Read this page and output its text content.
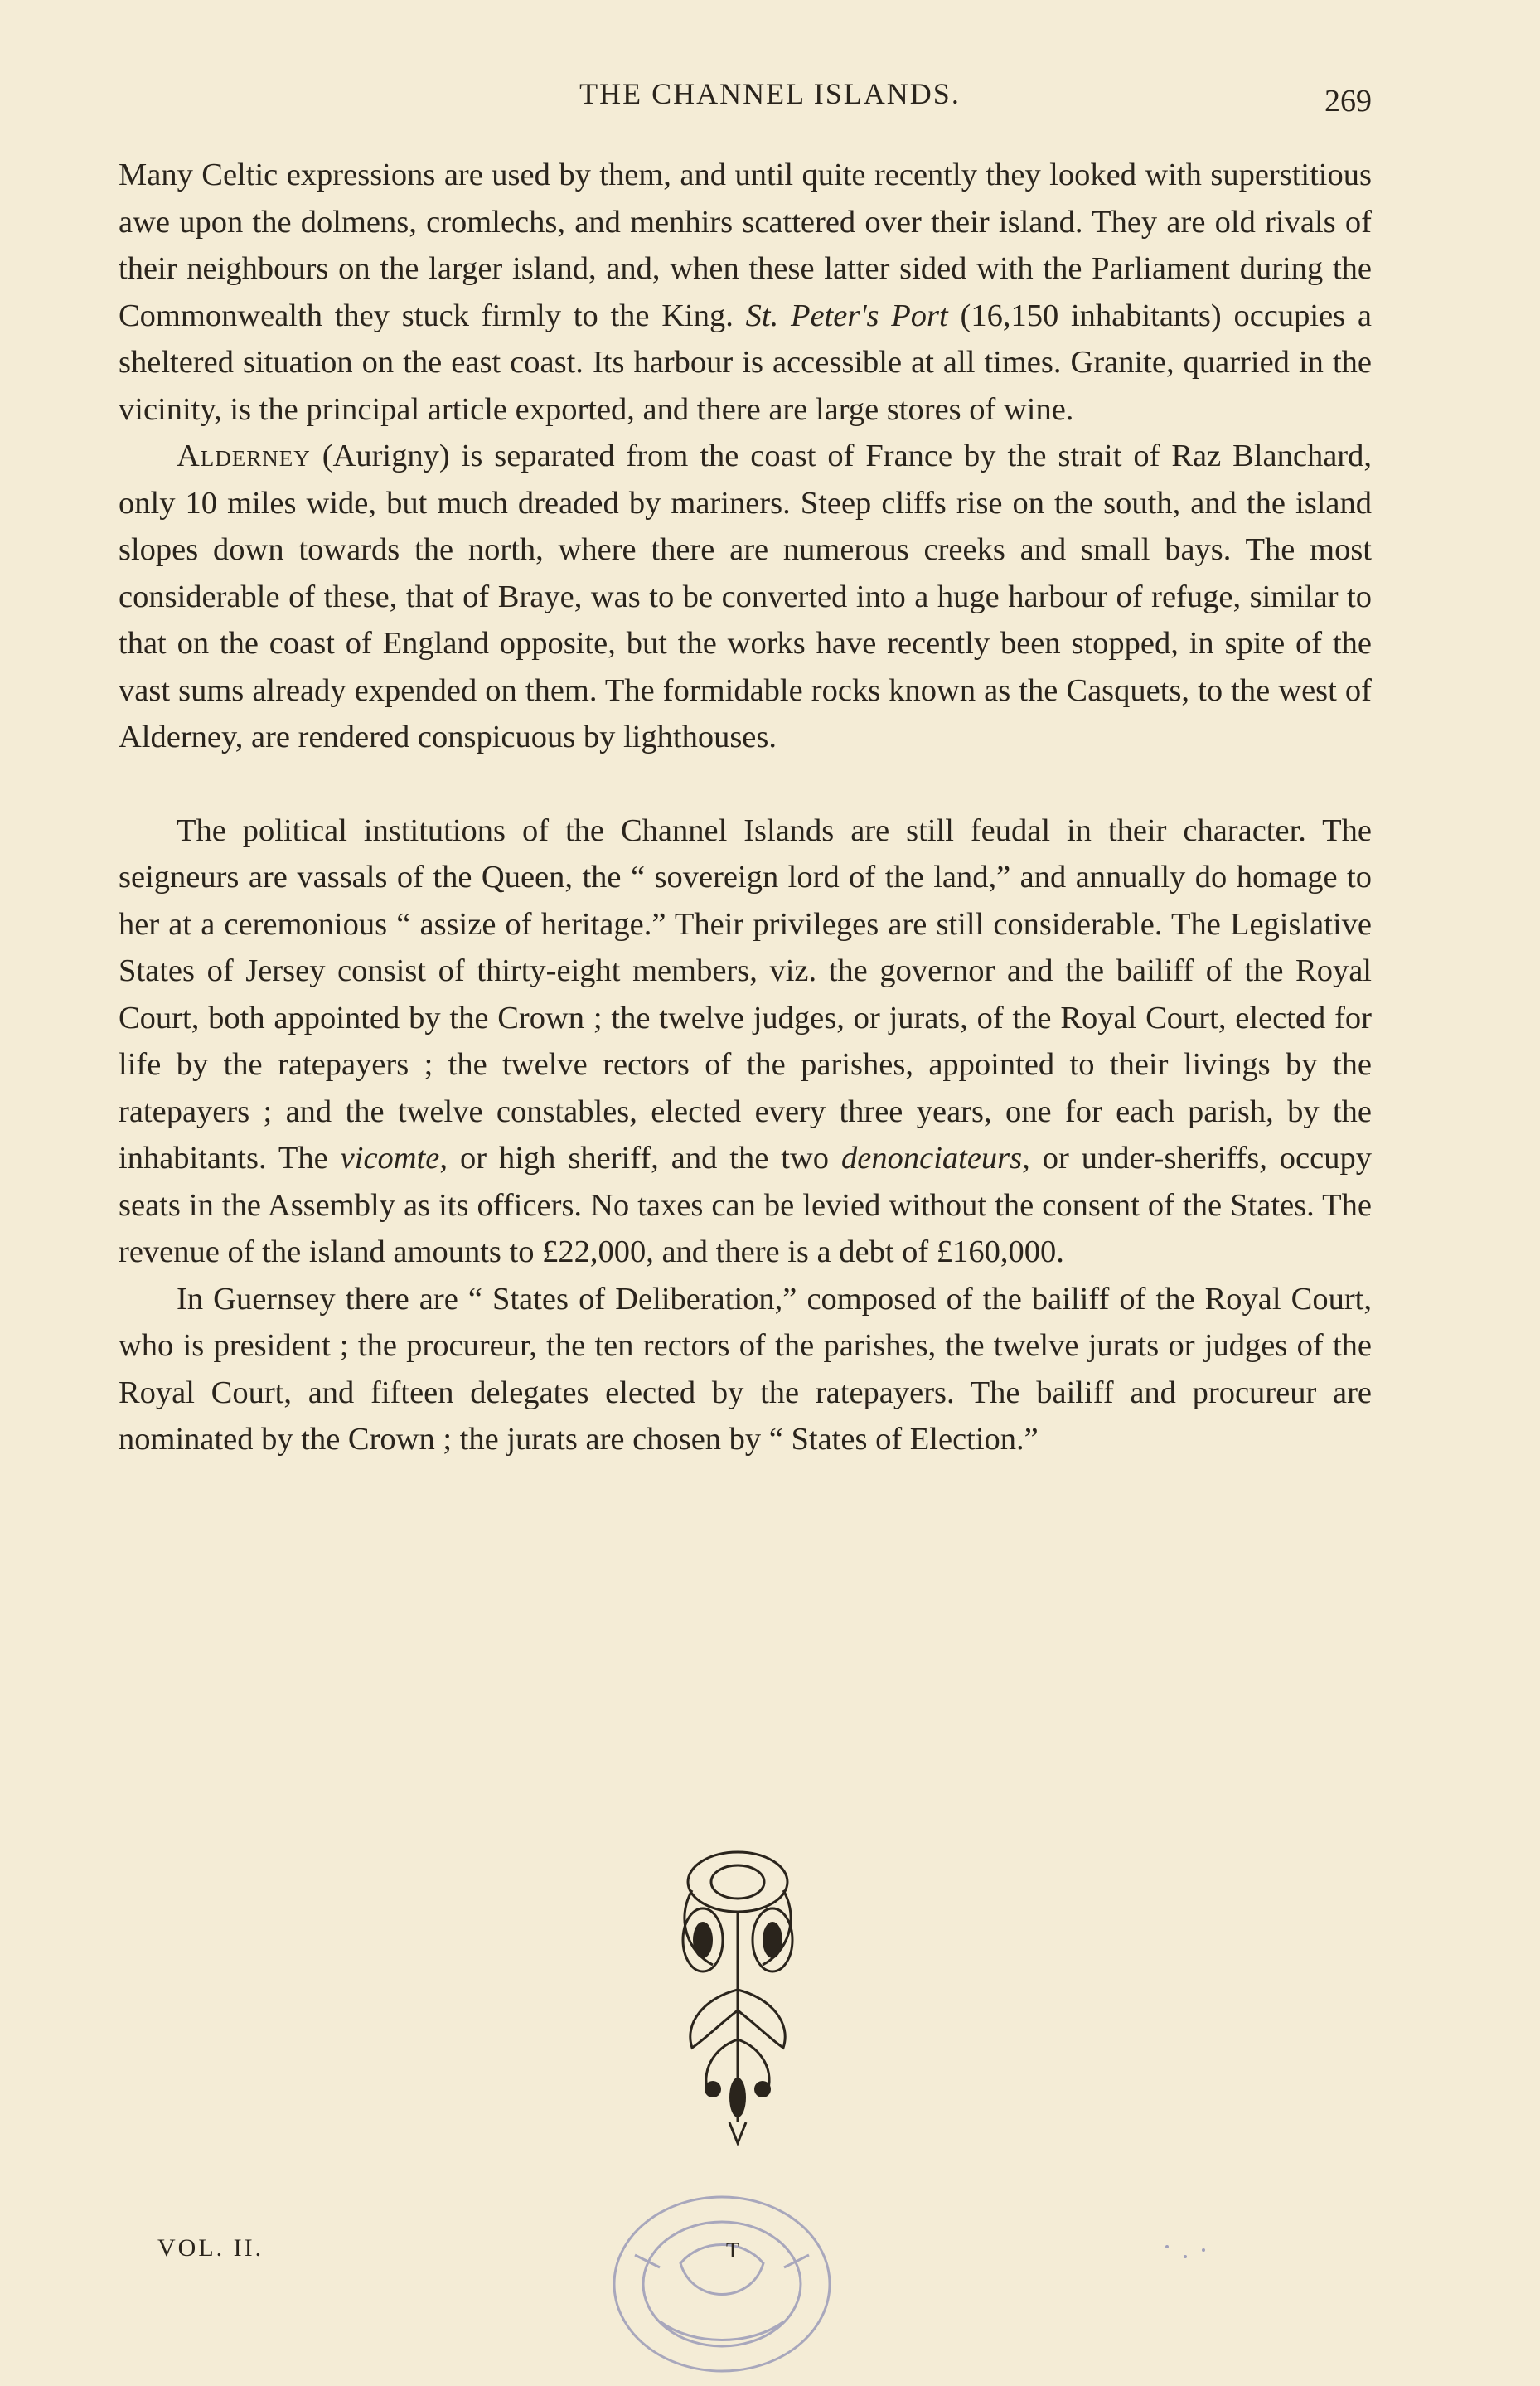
THE CHANNEL ISLANDS.	269

Many Celtic expressions are used by them, and until quite recently they looked with superstitious awe upon the dolmens, cromlechs, and menhirs scattered over their island. They are old rivals of their neighbours on the larger island, and, when these latter sided with the Parliament during the Commonwealth they stuck firmly to the King. St. Peter's Port (16,150 inhabitants) occupies a sheltered situation on the east coast. Its harbour is accessible at all times. Granite, quarried in the vicinity, is the principal article exported, and there are large stores of wine.

Alderney (Aurigny) is separated from the coast of France by the strait of Raz Blanchard, only 10 miles wide, but much dreaded by mariners. Steep cliffs rise on the south, and the island slopes down towards the north, where there are numerous creeks and small bays. The most considerable of these, that of Braye, was to be converted into a huge harbour of refuge, similar to that on the coast of England opposite, but the works have recently been stopped, in spite of the vast sums already expended on them. The formidable rocks known as the Casquets, to the west of Alderney, are rendered conspicuous by lighthouses.

The political institutions of the Channel Islands are still feudal in their character. The seigneurs are vassals of the Queen, the “ sovereign lord of the land,” and annually do homage to her at a ceremonious “ assize of heritage.” Their privileges are still considerable. The Legislative States of Jersey consist of thirty-eight members, viz. the governor and the bailiff of the Royal Court, both appointed by the Crown ; the twelve judges, or jurats, of the Royal Court, elected for life by the ratepayers ; the twelve rectors of the parishes, appointed to their livings by the ratepayers ; and the twelve constables, elected every three years, one for each parish, by the inhabitants. The vicomte, or high sheriff, and the two denonciateurs, or under-sheriffs, occupy seats in the Assembly as its officers. No taxes can be levied without the consent of the States. The revenue of the island amounts to £22,000, and there is a debt of £160,000.

In Guernsey there are “ States of Deliberation,” composed of the bailiff of the Royal Court, who is president ; the procureur, the ten rectors of the parishes, the twelve jurats or judges of the Royal Court, and fifteen delegates elected by the ratepayers. The bailiff and procureur are nominated by the Crown ; the jurats are chosen by “ States of Election.”

VOL. II.	T
